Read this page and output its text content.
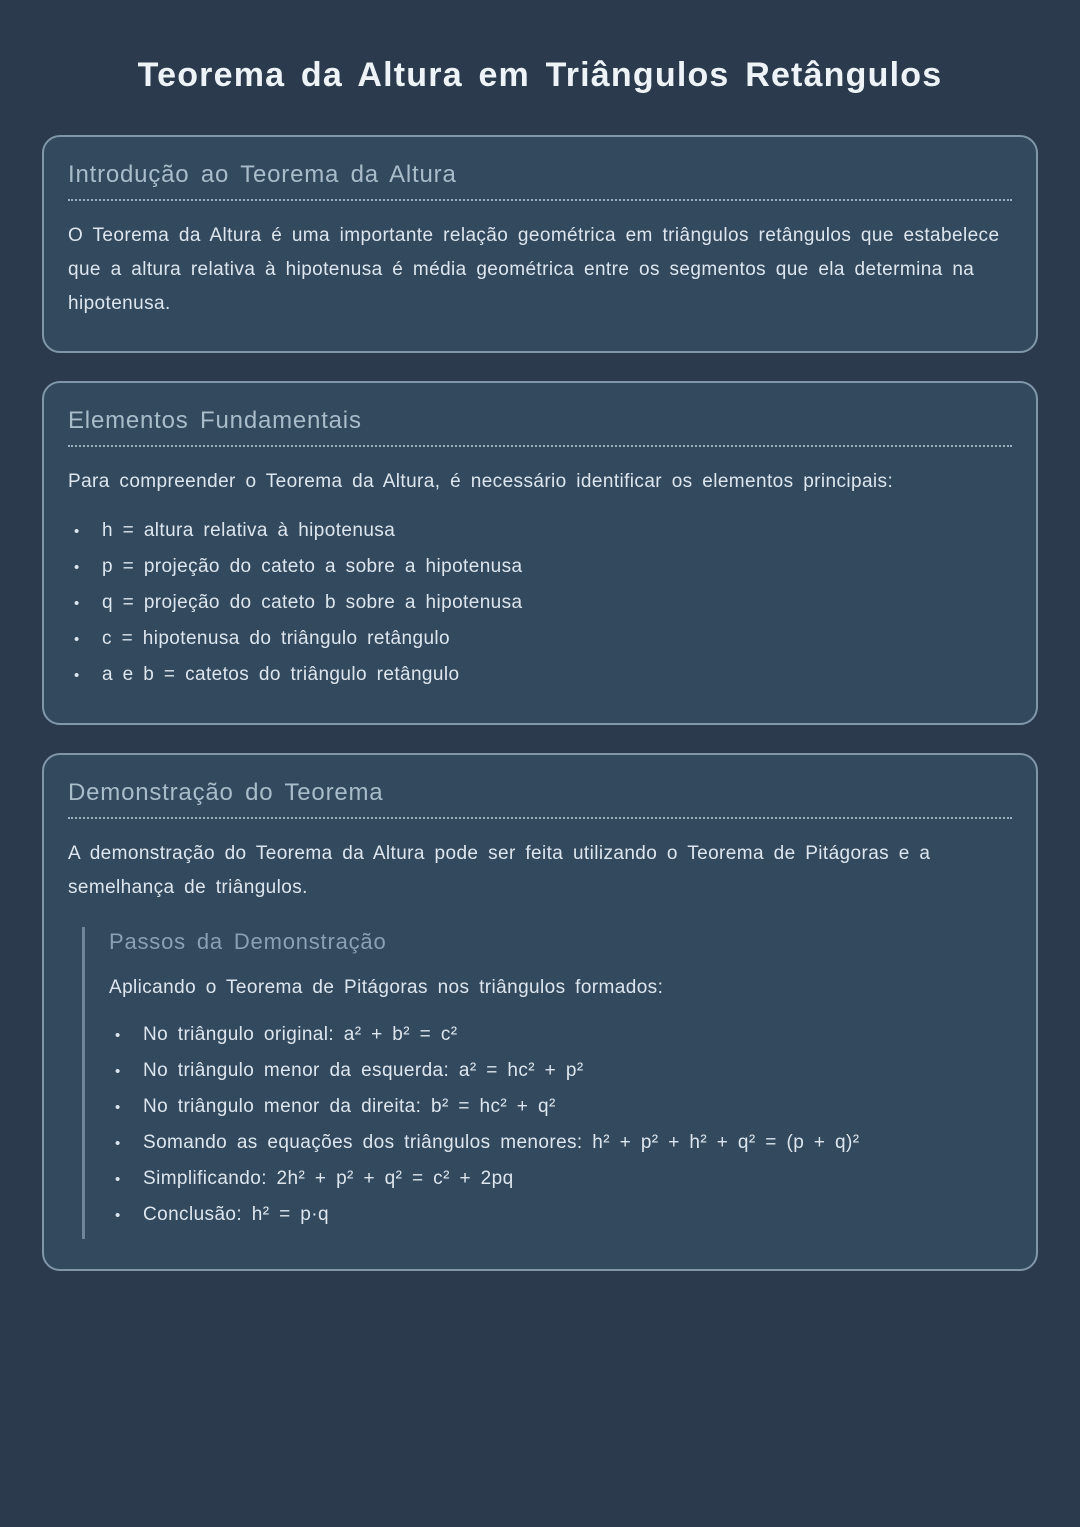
Teorema da Altura em Triângulos Retângulos
Introdução ao Teorema da Altura

O Teorema da Altura é uma importante relação geométrica em triângulos retângulos que estabelece que a altura relativa à hipotenusa é média geométrica entre os segmentos que ela determina na hipotenusa.

Elementos Fundamentais

Para compreender o Teorema da Altura, é necessário identificar os elementos principais:

•
h = altura relativa à hipotenusa
•
p = projeção do cateto a sobre a hipotenusa
•
q = projeção do cateto b sobre a hipotenusa
•
c = hipotenusa do triângulo retângulo
•
a e b = catetos do triângulo retângulo
Demonstração do Teorema

A demonstração do Teorema da Altura pode ser feita utilizando o Teorema de Pitágoras e a semelhança de triângulos.

Passos da Demonstração

Aplicando o Teorema de Pitágoras nos triângulos formados:

•
No triângulo original: a² + b² = c²
•
No triângulo menor da esquerda: a² = hc² + p²
•
No triângulo menor da direita: b² = hc² + q²
•
Somando as equações dos triângulos menores: h² + p² + h² + q² = (p + q)²
•
Simplificando: 2h² + p² + q² = c² + 2pq
•
Conclusão: h² = p·q
